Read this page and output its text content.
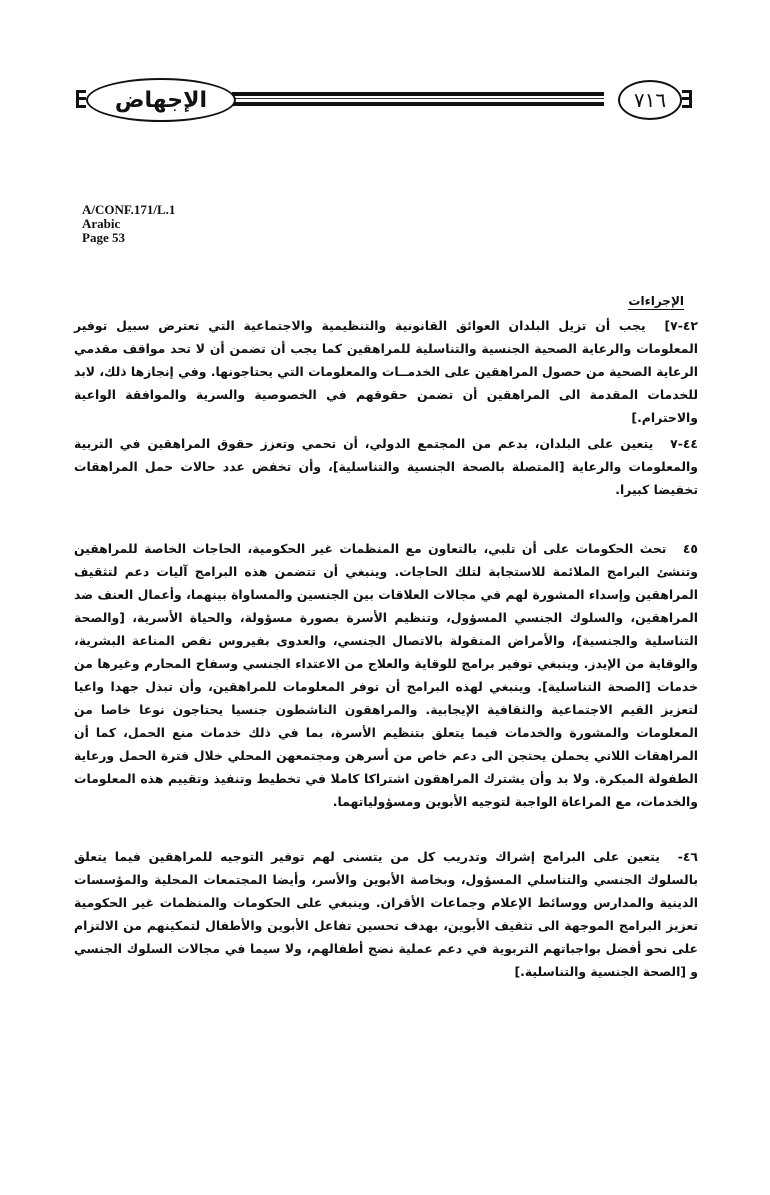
الإجهاض	٧١٦
A/CONF.171/L.1
Arabic
Page 53
الإجراءات

٤٢-٧] يجب أن تزيل البلدان العوائق القانونية والتنظيمية والاجتماعية التي تعترض سبيل توفير المعلومات والرعاية الصحية الجنسية والتناسلية للمراهقين كما يجب أن تضمن أن لا تحد مواقف مقدمي الرعاية الصحية من حصول المراهقين على الخدمــات والمعلومات التي يحتاجونها. وفي إنجازها ذلك، لابد للخدمات المقدمة الى المراهقين أن تضمن حقوقهم في الخصوصية والسرية والموافقة الواعية والاحترام.]

٤٤-٧ يتعين على البلدان، بدعم من المجتمع الدولي، أن تحمي وتعزز حقوق المراهقين في التربية والمعلومات والرعاية [المتصلة بالصحة الجنسية والتناسلية]، وأن تخفض عدد حالات حمل المراهقات تخفيضا كبيرا.

٤٥ تحث الحكومات على أن تلبي، بالتعاون مع المنظمات غير الحكومية، الحاجات الخاصة للمراهقين وتنشئ البرامج الملائمة للاستجابة لتلك الحاجات. وينبغي أن تتضمن هذه البرامج آليات دعم لتثقيف المراهقين وإسداء المشورة لهم في مجالات العلاقات بين الجنسين والمساواة بينهما، وأعمال العنف ضد المراهقين، والسلوك الجنسي المسؤول، وتنظيم الأسرة بصورة مسؤولة، والحياة الأسرية، [والصحة التناسلية والجنسية]، والأمراض المنقولة بالاتصال الجنسي، والعدوى بفيروس نقص المناعة البشرية، والوقاية من الإيدز. وينبغي توفير برامج للوقاية والعلاج من الاعتداء الجنسي وسفاح المحارم وغيرها من خدمات [الصحة التناسلية]. وينبغي لهذه البرامج أن توفر المعلومات للمراهقين، وأن تبذل جهدا واعيا لتعزيز القيم الاجتماعية والثقافية الإيجابية. والمراهقون الناشطون جنسيا يحتاجون نوعا خاصا من المعلومات والمشورة والخدمات فيما يتعلق بتنظيم الأسرة، بما في ذلك خدمات منع الحمل، كما أن المراهقات اللاتي يحملن يحتجن الى دعم خاص من أسرهن ومجتمعهن المحلي خلال فترة الحمل ورعاية الطفولة المبكرة. ولا بد وأن يشترك المراهقون اشتراكا كاملا في تخطيط وتنفيذ وتقييم هذه المعلومات والخدمات، مع المراعاة الواجبة لتوجيه الأبوين ومسؤولياتهما.

٤٦- يتعين على البرامج إشراك وتدريب كل من يتسنى لهم توفير التوجيه للمراهقين فيما يتعلق بالسلوك الجنسي والتناسلي المسؤول، وبخاصة الأبوين والأسر، وأيضا المجتمعات المحلية والمؤسسات الدينية والمدارس ووسائط الإعلام وجماعات الأقران. وينبغي على الحكومات والمنظمات غير الحكومية تعزيز البرامج الموجهة الى تثقيف الأبوين، بهدف تحسين تفاعل الأبوين والأطفال لتمكينهم من الالتزام على نحو أفضل بواجباتهم التربوية في دعم عملية نضج أطفالهم، ولا سيما في مجالات السلوك الجنسي و [الصحة الجنسية والتناسلية.]
